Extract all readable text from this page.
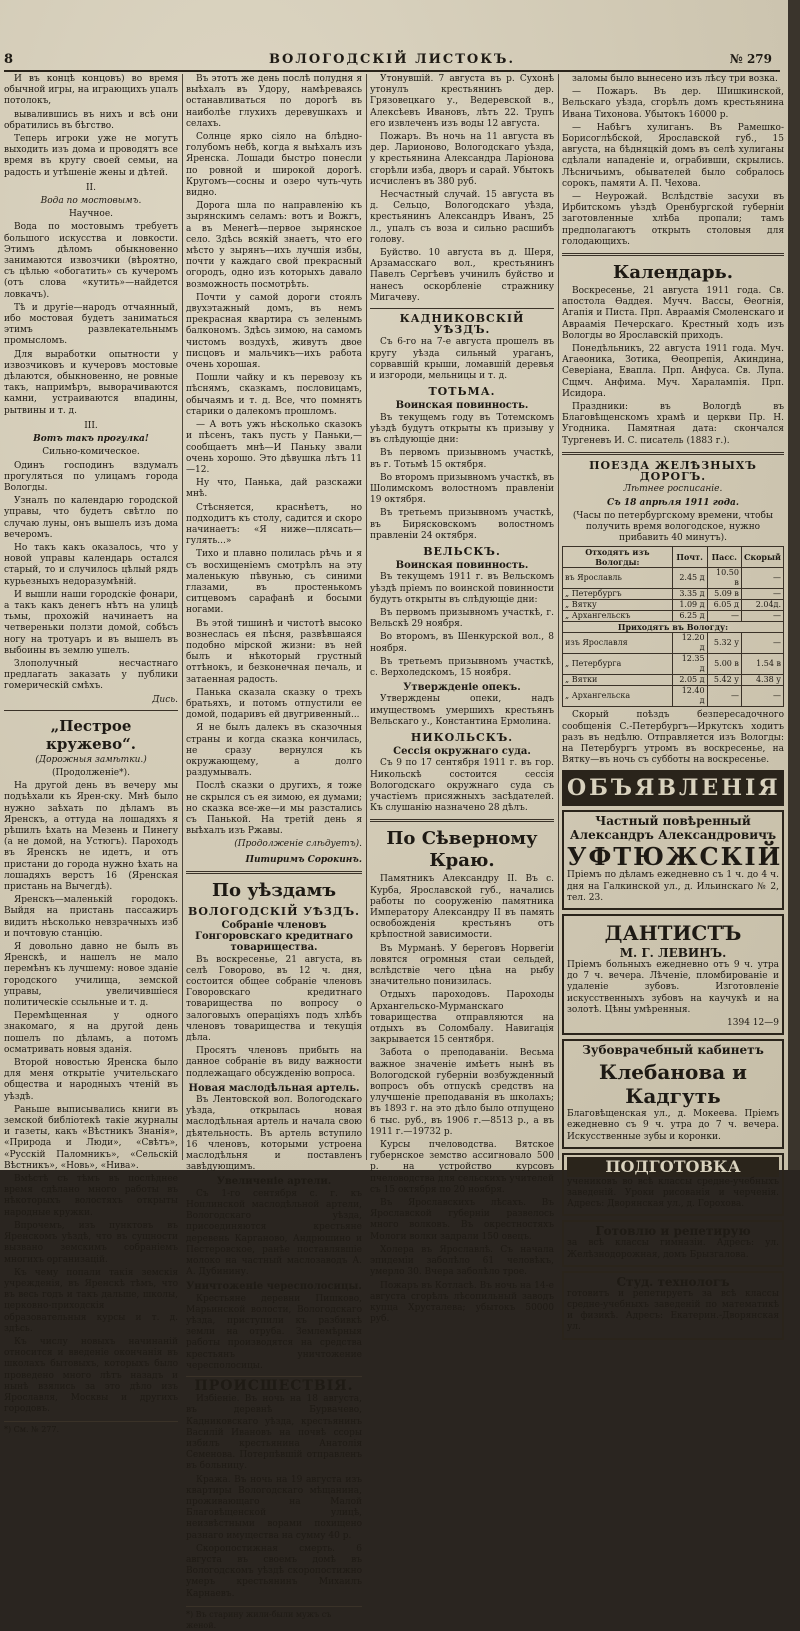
8	ВОЛОГОДСКІЙ ЛИСТОКЪ.	№ 279
И въ концѣ концовъ) во время обычной игры, на играющихъ упалъ потолокъ,
вывалившись въ нихъ и всѣ они обратились въ бѣгство.
Теперь игроки уже не могутъ выходить изъ дома и проводятъ все время въ кругу своей семьи, на радость и утѣшеніе жены и дѣтей.
II.
Вода по мостовымъ.
Научное.
Вода по мостовымъ требуетъ большого искусства и ловкости. Этимъ дѣломъ обыкновенно занимаются извозчики (вѣроятно, съ цѣлью «обогатить» съ кучеромъ (отъ слова «кутить»—найдется ловкачъ).
Тѣ и другіе—народъ отчаянный, ибо мостовая будетъ заниматься этимъ развлекательнымъ промысломъ.
Для выработки опытности у извозчиковъ и кучеровъ мостовые дѣлаются, обыкновенно, не ровные такъ, напримѣръ, выворачиваются камни, устраиваются впадины, рытвины и т. д.
III.
Вотъ такъ прогулка!
Сильно-комическое.
Одинъ господинъ вздумалъ прогуляться по улицамъ города Вологды.
Узналъ по календарю городской управы, что будетъ свѣтло по случаю луны, онъ вышелъ изъ дома вечеромъ.
Но такъ какъ оказалось, что у новой управы календарь остался старый, то и случилось цѣлый рядъ курьезныхъ недоразумѣній.
И вышли наши городскіе фонари, а такъ какъ денегъ нѣтъ на улицѣ тьмы, прохожій начинаетъ на четвереньки ползти домой, собѣсъ ногу на тротуаръ и въ вышелъ въ выбоины въ землю ушелъ.
Злополучный несчастнаго предлагать заказать у публики гомерическій смѣхъ.
Дись.
„Пестрое кружево“.
(Дорожныя замѣтки.)
(Продолженіе*).
На другой день въ вечеру мы подъѣхали къ Ярен-ску. Мнѣ было нужно заѣхать по дѣламъ въ Яренскъ, а оттуда на лошадяхъ я рѣшилъ ѣхать на Мезень и Пинегу (а не домой, на Устюгъ). Пароходъ въ Яренскъ не идетъ, и отъ пристани до города нужно ѣхать на лошадяхъ верстъ 16 (Яренская пристань на Вычегдѣ).
Яренскъ—маленькій городокъ. Выйдя на пристань пассажиръ видитъ нѣсколько невзрачныхъ изб и почтовую станцію.
Я довольно давно не былъ въ Яренскѣ, и нашелъ не мало перемѣнъ къ лучшему: новое зданіе городского училища, земской управы, увеличившіеся политическіе ссыльные и т. д.
Перемѣщенная у одного знакомаго, я на другой день пошелъ по дѣламъ, а потомъ осматривать новыя зданія.
Второй новостью Яренска было для меня открытіе учительскаго общества и народныхъ чтеній въ уѣздѣ.
Раньше выписывались книги въ земской библіотекѣ такіе журналы и газеты, какъ «Вѣстникъ Знанія», «Природа и Люди», «Свѣтъ», «Русскій Паломникъ», «Сельскій Вѣстникъ», «Новь», «Нива».
Вмѣстѣ съ тѣмъ въ послѣднее время сдѣлано много работы въ нѣкоторыхъ волостяхъ открыты народные кружки.
Впрочемъ, изъ пунктовъ въ Яренскомъ уѣздѣ, что въ сущности вызвано земскимъ собраніемъ многихъ организацій.
Къ чему попали такія земскія учрежденія, въ Яренскѣ тѣмъ, что въ весь годъ и такъ дальше, школы, церковно-приходскія образовательныя курсы и т. д. здѣсь.
Къ числу новыхъ начинаній относится и введеніе окончанія въ школахъ бытовыхъ, которыхъ было проведено много лѣтъ назадъ и нынѣ взялись за это дѣло изъ Ярославля, Москвы и другихъ городовъ.
*) См. № 277.
Въ этотъ же день послѣ полудня я выѣхалъ въ Удору, намѣреваясь останавливаться по дорогѣ въ наиболѣе глухихъ деревушкахъ и селахъ.
Солнце ярко сіяло на блѣдно-голубомъ небѣ, когда я выѣхалъ изъ Яренска. Лошади быстро понесли по ровной и широкой дорогѣ. Кругомъ—сосны и озеро чуть-чуть видно.
Дорога шла по направленію къ зырянскимъ селамъ: вотъ и Вожгъ, а въ Менегѣ—первое зырянское село. Здѣсь всякій знаетъ, что его мѣсто у зырянъ—ихъ лучшія избы, почти у каждаго свой прекрасный огородъ, одно изъ которыхъ давало возможность посмотрѣть.
Почти у самой дороги стоялъ двухэтажный домъ, въ немъ прекрасная квартира съ зеленымъ балкономъ. Здѣсь зимою, на самомъ чистомъ воздухѣ, живутъ двое писцовъ и мальчикъ—ихъ работа очень хорошая.
Пошли чайку и къ перевозу къ пѣснямъ, сказкамъ, пословицамъ, обычаямъ и т. д. Все, что помнятъ старики о далекомъ прошломъ.
— А вотъ ужъ нѣсколько сказокъ и пѣсенъ, такъ пусть у Паньки,—сообщаетъ мнѣ—И Паньку звали очень хорошо. Это дѣвушка лѣтъ 11—12.
Ну что, Панька, дай разскажи мнѣ.
Стѣсняется, краснѣетъ, но подходитъ къ столу, садится и скоро начинаетъ: «Я ниже—плясать—гулять...»
Тихо и плавно полилась рѣчь и я съ восхищеніемъ смотрѣлъ на эту маленькую пѣвунью, съ синими глазами, въ простенькомъ ситцевомъ сарафанѣ и босыми ногами.
Въ этой тишинѣ и чистотѣ высоко вознеслась ея пѣсня, развѣвшаяся подобно мірской жизни: въ ней былъ и нѣкоторый грустный оттѣнокъ, и безконечная печаль, и затаенная радость.
Панька сказала сказку о трехъ братьяхъ, и потомъ отпустили ее домой, подаривъ ей двугривенный...
Я не былъ далекъ въ сказочныя страны и когда сказка кончилась, не сразу вернулся къ окружающему, а долго раздумывалъ.
Послѣ сказки о другихъ, я тоже не скрылся съ ея зимою, ея думами; но сказка все-же—и мы разстались съ Панькой. На третій день я выѣхалъ изъ Ржавы.
(Продолженіе слѣдуетъ).
Питиримъ Сорокинъ.
По уѣздамъ
ВОЛОГОДСКІЙ УѢЗДЪ.
Собраніе членовъ Гонгоровскаго кредитнаго товарищества.
Въ воскресенье, 21 августа, въ селѣ Говорово, въ 12 ч. дня, состоится общее собраніе членовъ Говоровскаго кредитнаго товарищества по вопросу о залоговыхъ операціяхъ подъ хлѣбъ членовъ товарищества и текущія дѣла.
Просятъ членовъ прибыть на данное собраніе въ виду важности подлежащаго обсужденію вопроса.
Новая маслодѣльная артель.
Въ Лентовской вол. Вологодскаго уѣзда, открылась новая маслодѣльная артель и начала свою дѣятельность. Въ артель вступило 16 членовъ, которыми устроена маслодѣльня и поставленъ завѣдующимъ.
Увеличеніе артели.
Съ 1-го сентября с. г. къ Ноплинской маслодѣльной артели, Вологодскаго уѣзда, присоединяются крестьяне деревень Карганово, Андрюшино и Пестеровское, ранѣе поставлявшіе молоко на частный маслозаводъ А. А. Дубинину.
Уничтоженіе чересполосицы.
Крестьяне деревни Пишково, Марьинской волости, Вологодскаго уѣзда, приступили къ разбивкѣ земли на отруба. Землемѣрныя работы производятся на средства крестьянъ уничтожение чересполосицы.
ПРОИСШЕСТВІЯ.
Избіеніе. Въ ночь на 18 августа, въ деревнѣ Бурвачево, Кадниковскаго уѣзда, крестьянинъ Василій Ивановъ на почвѣ ссоры избилъ крестьянина Анатолія Семенова. Потерпѣвшій отправленъ въ больницу.
Кража. Въ ночь на 19 августа изъ квартиры Вологодскаго мѣщанина, проживающаго на Малой Благовѣщенской улицѣ, неизвѣстными ворами похищено разнаго имущества на сумму 40 р.
Скоропостижная смерть. 6 августа въ своемъ домѣ въ Вологодскомъ уѣздѣ скоропостижно умеръ крестьянинъ Михаилъ Карнаевъ.
*) Въ старину жили-были мужъ съ женой.
Утонувшій. 7 августа въ р. Сухонѣ утонулъ крестьянинъ дер. Грязовецкаго у., Ведеревской в., Алексѣевъ Ивановъ, лѣтъ 22. Трупъ его извлеченъ изъ воды 12 августа.
Пожаръ. Въ ночь на 11 августа въ дер. Ларионово, Вологодскаго уѣзда, у крестьянина Александра Ларіонова сгорѣли изба, дворъ и сарай. Убытокъ исчисленъ въ 380 руб.
Несчастный случай. 15 августа въ д. Сельцо, Вологодскаго уѣзда, крестьянинъ Александръ Иванъ, 25 л., упалъ съ воза и сильно расшибъ голову.
Буйство. 10 августа въ д. Шеря, Арзамасскаго вол., крестьянинъ Павелъ Сергѣевъ учинилъ буйство и нанесъ оскорбленіе стражнику Мигачеву.
КАДНИКОВСКІЙ УѢЗДЪ.
Съ 6-го на 7-е августа прошелъ въ кругу уѣзда сильный ураганъ, сорвавшій крыши, ломавшій деревья и изгороди, мельницы и т. д.
ТОТЬМА.
Воинская повинность.
Въ текущемъ году въ Тотемскомъ уѣздѣ будутъ открыты къ призыву у въ слѣдующіе дни:
Въ первомъ призывномъ участкѣ, въ г. Тотьмѣ 15 октября.
Во второмъ призывномъ участкѣ, въ Шолимскомъ волостномъ правленіи 19 октября.
Въ третьемъ призывномъ участкѣ, въ Бирясковскомъ волостномъ правленіи 24 октября.
ВЕЛЬСКЪ.
Воинская повинность.
Въ текущемъ 1911 г. въ Вельскомъ уѣздѣ пріемъ по воинской повинности будутъ открыты въ слѣдующіе дни:
Въ первомъ призывномъ участкѣ, г. Вельскѣ 29 ноября.
Во второмъ, въ Шенкурской вол., 8 ноября.
Въ третьемъ призывномъ участкѣ, с. Верхоледскомъ, 15 ноября.
Утвержденіе опекъ.
Утверждены опеки, надъ имуществомъ умершихъ крестьянъ Вельскаго у., Константина Ермолина.
НИКОЛЬСКЪ.
Сессія окружнаго суда.
Съ 9 по 17 сентября 1911 г. въ гор. Никольскѣ состоится сессія Вологодскаго окружнаго суда съ участіемъ присяжныхъ засѣдателей. Къ слушанію назначено 28 дѣлъ.
По Сѣверному Краю.
Памятникъ Александру II. Въ с. Курба, Ярославской губ., начались работы по сооруженію памятника Императору Александру II въ память освобожденія крестьянъ отъ крѣпостной зависимости.
Въ Мурманѣ. У береговъ Норвегіи ловятся огромныя стаи сельдей, вслѣдствіе чего цѣна на рыбу значительно понизилась.
Отдыхъ пароходовъ. Пароходы Архангельско-Мурманскаго товарищества отправляются на отдыхъ въ Соломбалу. Навигація закрывается 15 сентября.
Забота о преподаваніи. Весьма важное значеніе имѣетъ нынѣ въ Вологодской губерніи возбужденный вопросъ объ отпускѣ средствъ на улучшеніе преподаванія въ школахъ; въ 1893 г. на это дѣло было отпущено 6 тыс. руб., въ 1906 г.—8513 р., а въ 1911 г.—19732 р.
Курсы пчеловодства. Вятское губернское земство ассигновало 500 р. на устройство курсовъ пчеловодства для сельскихъ учителей съ 15 октября по 20 ноября.
Въ Ярославскихъ лѣсахъ. Въ Ярославской губерніи развелось много волковъ. Въ окрестностяхъ Мологи волки задрали 150 овецъ.
Холера въ Ярославлѣ. Съ начала эпидеміи заболѣло 61 человѣкъ, умерло 30. Вчера заболѣло трое.
Пожаръ въ Котласѣ. Въ ночь на 14-е августа сгорѣлъ лѣсопильный заводъ купца Хрусталева; убытокъ 50000 руб.
заломы было вынесено изъ лѣсу три возка.
— Пожаръ. Въ дер. Шишкинской, Вельскаго уѣзда, сгорѣлъ домъ крестьянина Ивана Тихонова. Убытокъ 16000 р.
— Набѣгъ хулиганъ. Въ Рамешко-Борисоглѣбской, Ярославской губ., 15 августа, на бѣдняцкій домъ въ селѣ хулиганы сдѣлали нападеніе и, ограбивши, скрылись. Лѣсничьимъ, обывателей было собралось сорокъ, памяти А. П. Чехова.
— Неурожай. Вслѣдствіе засухи въ Ирбитскомъ уѣздѣ Оренбургской губерніи заготовленные хлѣба пропали; тамъ предполагаютъ открыть столовыя для голодающихъ.
Календарь.
Воскресенье, 21 августа 1911 года. Св. апостола Ѳаддея. Мучч. Вассы, Ѳеогнія, Агапія и Писта. Прп. Авраамія Смоленскаго и Авраамія Печерскаго. Крестный ходъ изъ Вологды во Ярославскій приходъ.
Понедѣльникъ, 22 августа 1911 года. Муч. Агаѳоника, Зотика, Ѳеопрепія, Акиндина, Северіана, Евапла. Прп. Анфуса. Св. Лупа. Сщмч. Анфима. Муч. Харалампія. Прп. Исидора.
Праздники: въ Вологдѣ въ Благовѣщенскомъ храмѣ и церкви Пр. Н. Угодника. Памятная дата: скончался Тургеневъ И. С. писатель (1883 г.).
ПОЕЗДА ЖЕЛѢЗНЫХЪ ДОРОГЪ.
Лѣтнее росписаніе.
Съ 18 апрѣля 1911 года.
(Часы по петербургскому времени, чтобы получить время вологодское, нужно прибавить 40 минутъ).
Отходятъ изъ Вологды:	Почт.	Пасс.	Скорый
въ Ярославль	2.45 д	10.50 в	—
„ Петербургъ	3.35 д	5.09 в	—
„ Вятку	1.09 д	6.05 д	2.04д.
„ Архангельскъ	6.25 д	—	—
Приходятъ въ Вологду:			
изъ Ярославля	12.20 д	5.32 у	—
„ Петербурга	12.35 д	5.00 в	1.54 в
„ Вятки	2.05 д	5.42 у	4.38 у
„ Архангельска	12.40 д	—	—
Скорый поѣздъ безпересадочного сообщенія С.-Петербургъ—Иркутскъ ходитъ разъ въ недѣлю. Отправляется изъ Вологды: на Петербургъ утромъ въ воскресенье, на Вятку—въ ночь съ субботы на воскресенье.
ОБЪЯВЛЕНІЯ
Частный повѣренный
Александръ Александровичъ
УФТЮЖСКІЙ
Пріемъ по дѣламъ ежедневно съ 1 ч. до 4 ч. дня на Галкинской ул., д. Ильинскаго № 2, тел. 23.
ДАНТИСТЪ
М. Г. ЛЕВИНЪ.
Пріемъ больныхъ ежедневно отъ 9 ч. утра до 7 ч. вечера. Лѣченіе, пломбированіе и удаленіе зубовъ. Изготовленіе искусственныхъ зубовъ на каучукѣ и на золотѣ. Цѣны умѣренныя.
1394 12—9
Зубоврачебный кабинетъ
Клебанова и Кадгуть
Благовѣщенская ул., д. Мокеева. Пріемъ ежедневно съ 9 ч. утра до 7 ч. вечера. Искусственные зубы и коронки.
ПОДГОТОВКА
учениковъ во всѣ классы средне-учебныхъ заведеній. Уроки рисованія и черченія. Адресъ: Дворянская ул., д. Горохова.
Готовлю и репетирую
за всѣ классы гимназіи. Адресъ: ул. Желѣзнодорожная, домъ Брызгалова.
Студ. технологъ
готовитъ и репетируетъ за всѣ классы средне-учебныхъ заведеній по математикѣ и физикѣ. Адресъ: Екатерин.-Дворянская ул.
